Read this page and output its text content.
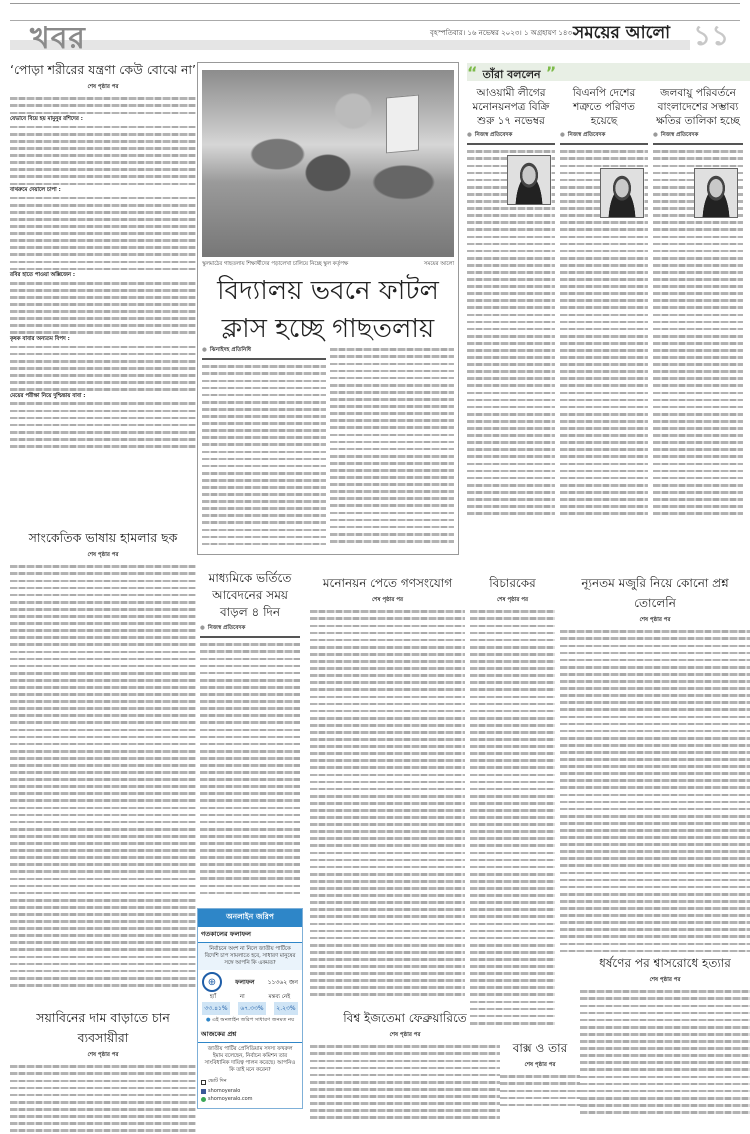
খবর	বৃহস্পতিবার। ১৬ নভেম্বর ২০২৩। ১ অগ্রহায়ণ ১৪৩০
সময়ের আলো ১১
‘পোড়া শরীরের যন্ত্রণা কেউ বোঝে না’
শেষ পৃষ্ঠার পর
যেভাবে বিয়ে হয় মামুনুর রশিদের :
বাথরুমে দেয়ালে চাপা :
রবির হাতে পাওয়া অক্সিজেন :
কৃষক বাবার অন্যতম বিপদ :
মেয়ের পরীক্ষা নিয়ে দুশ্চিন্তায় বাবা :
সাংকেতিক ভাষায় হামলার ছক
শেষ পৃষ্ঠার পর
সয়াবিনের দাম বাড়াতে চান ব্যবসায়ীরা
শেষ পৃষ্ঠার পর
স্কুলমাঠের গাছতলায় শিক্ষার্থীদের পড়ালেখা চালিয়ে নিচ্ছে স্কুল কর্তৃপক্ষ	সময়ের আলো
বিদ্যালয় ভবনে ফাটল
ক্লাস হচ্ছে গাছতলায়
● ঝিনাইদহ প্রতিনিধি
“ তাঁরা বললেন ”
আওয়ামী লীগের মনোনয়নপত্র বিক্রি শুরু ১৭ নভেম্বর
● নিজস্ব প্রতিবেদক
বিএনপি দেশের শত্রুতে পরিণত হয়েছে
● নিজস্ব প্রতিবেদক
জলবায়ু পরিবর্তনে বাংলাদেশের সম্ভাব্য ক্ষতির তালিকা হচ্ছে
● নিজস্ব প্রতিবেদক
মাধ্যমিকে ভর্তিতে আবেদনের সময় বাড়ল ৪ দিন
● নিজস্ব প্রতিবেদক
অনলাইন জরিপ
গতকালের ফলাফল
নির্বাচনে অংশ না নিলে জাতীয় পার্টিকে বিদেশি চাপ সামলাতে হবে, সাধারণ মানুষের সঙ্গে আপনি কি একমত?
⊕	ফলাফল ১১৩৬২ জন
হ্যাঁ	না	মন্তব্য নেই
৩৩.৪১%	৬৭.৩৩%	২.২৩%
● এই অনলাইন জরিপ সাধারণ জনমত নয়
আজকের প্রশ্ন
জাতীয় পার্টির প্রেসিডিয়াম সদস্য ফখরুল ইমাম বলেছেন, নির্বাচন কমিশন তার সাংবিধানিক দায়িত্ব পালন করেছে। আপনিও কি তাই মনে করেন?
ভোট দিন
shomoyeralo
shomoyeralo.com
মনোনয়ন পেতে গণসংযোগ
শেষ পৃষ্ঠার পর
বিশ্ব ইজতেমা ফেব্রুয়ারিতে
শেষ পৃষ্ঠার পর
বিচারকের
শেষ পৃষ্ঠার পর
বাক্স ও তার
শেষ পৃষ্ঠার পর
ন্যূনতম মজুরি নিয়ে কোনো প্রশ্ন তোলেনি
শেষ পৃষ্ঠার পর
ধর্ষণের পর শ্বাসরোধে হত্যার
শেষ পৃষ্ঠার পর
